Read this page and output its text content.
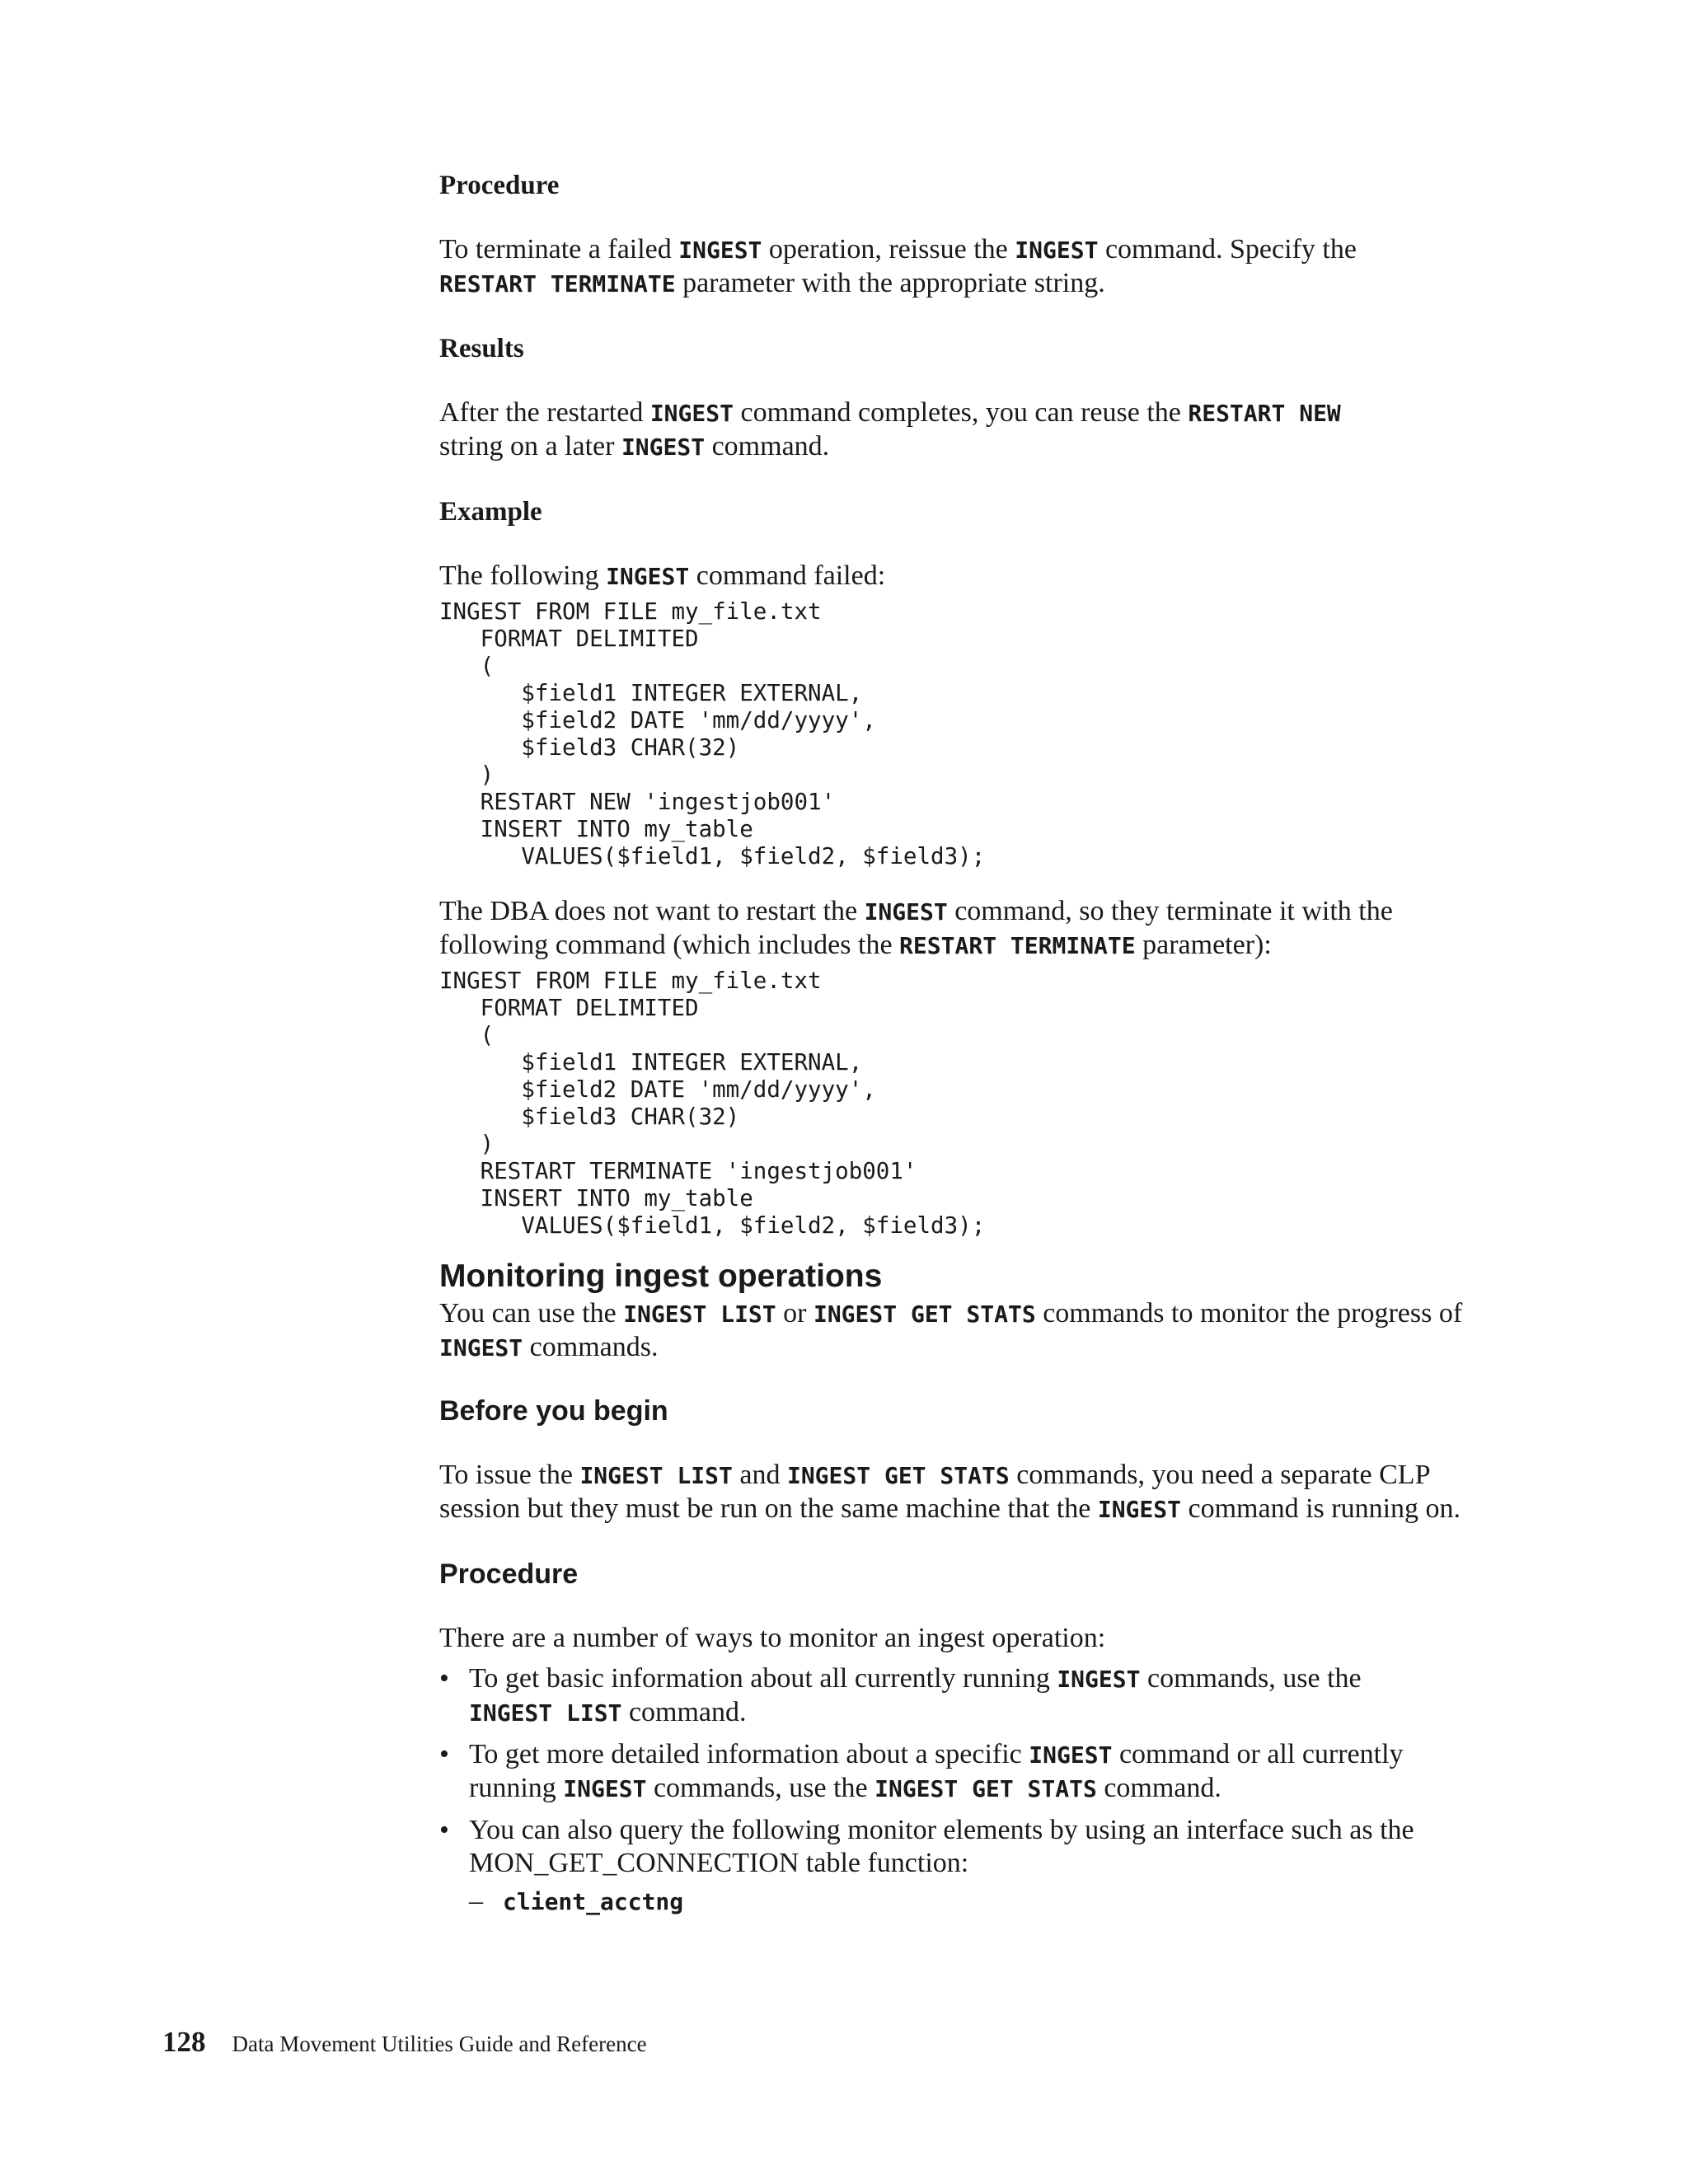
Procedure

To terminate a failed INGEST operation, reissue the INGEST command. Specify the
RESTART TERMINATE parameter with the appropriate string.

Results

After the restarted INGEST command completes, you can reuse the RESTART NEW
string on a later INGEST command.

Example

The following INGEST command failed:

INGEST FROM FILE my_file.txt
FORMAT DELIMITED
(
$field1 INTEGER EXTERNAL,
$field2 DATE 'mm/dd/yyyy',
$field3 CHAR(32)
)
RESTART NEW 'ingestjob001'
INSERT INTO my_table
VALUES($field1, $field2, $field3);

The DBA does not want to restart the INGEST command, so they terminate it with the following command (which includes the RESTART TERMINATE parameter):

INGEST FROM FILE my_file.txt
FORMAT DELIMITED
(
$field1 INTEGER EXTERNAL,
$field2 DATE 'mm/dd/yyyy',
$field3 CHAR(32)
)
RESTART TERMINATE 'ingestjob001'
INSERT INTO my_table
VALUES($field1, $field2, $field3);
Monitoring ingest operations

You can use the INGEST LIST or INGEST GET STATS commands to monitor the progress of INGEST commands.

Before you begin

To issue the INGEST LIST and INGEST GET STATS commands, you need a separate CLP session but they must be run on the same machine that the INGEST command is running on.

Procedure

There are a number of ways to monitor an ingest operation:

• To get basic information about all currently running INGEST commands, use the
INGEST LIST command.
• To get more detailed information about a specific INGEST command or all currently running INGEST commands, use the INGEST GET STATS command.
• You can also query the following monitor elements by using an interface such as the MON_GET_CONNECTION table function:
– client_acctng
128 Data Movement Utilities Guide and Reference
